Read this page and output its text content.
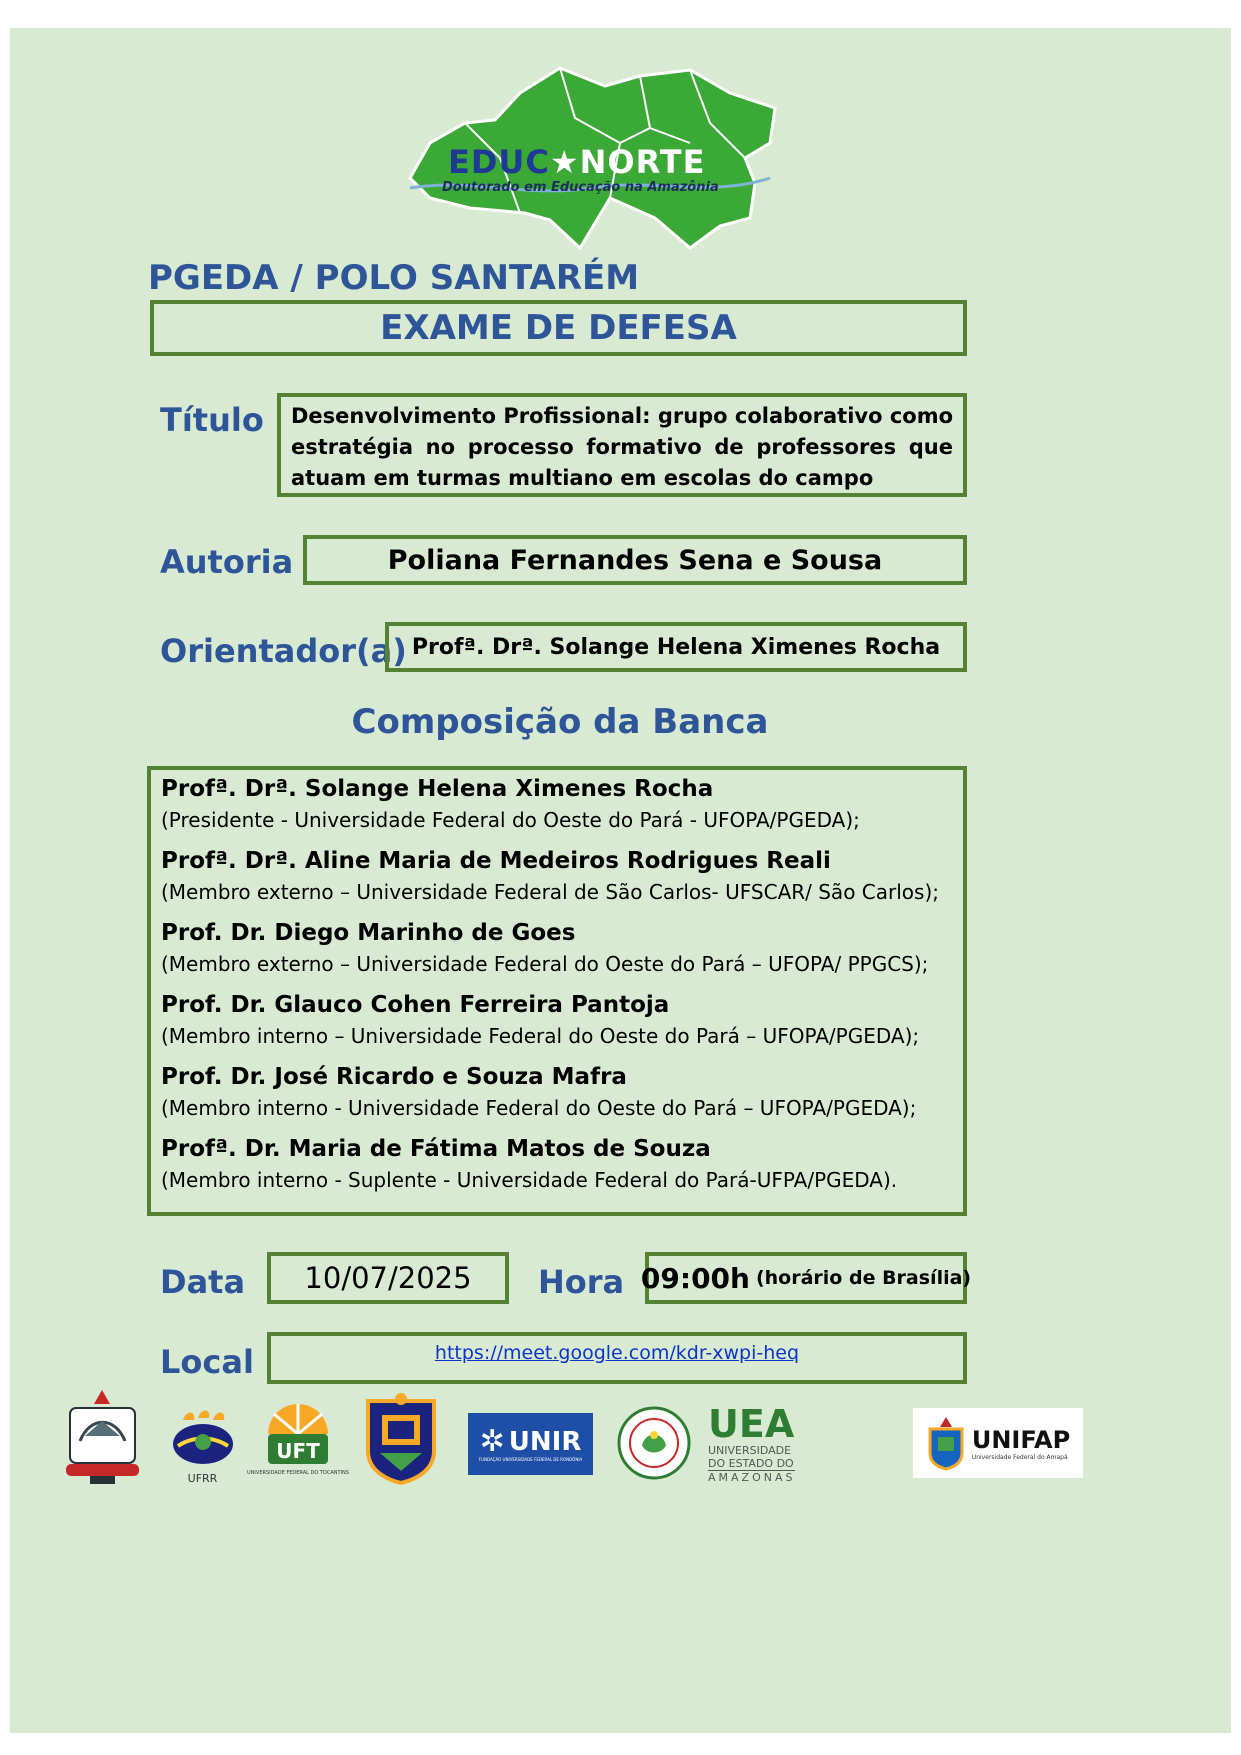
EDUC★NORTE
Doutorado em Educação na Amazônia
PGEDA / POLO SANTARÉM
EXAME DE DEFESA
Título Desenvolvimento Profissional: grupo colaborativo como estratégia no processo formativo de professores que atuam em turmas multiano em escolas do campo
Autoria	Poliana Fernandes Sena e Sousa
Orientador(a) Profª. Drª. Solange Helena Ximenes Rocha
Composição da Banca
Profª. Drª. Solange Helena Ximenes Rocha
(Presidente - Universidade Federal do Oeste do Pará - UFOPA/PGEDA);
Profª. Drª. Aline Maria de Medeiros Rodrigues Reali
(Membro externo – Universidade Federal de São Carlos- UFSCAR/ São Carlos);
Prof. Dr. Diego Marinho de Goes
(Membro externo – Universidade Federal do Oeste do Pará – UFOPA/ PPGCS);
Prof. Dr. Glauco Cohen Ferreira Pantoja
(Membro interno – Universidade Federal do Oeste do Pará – UFOPA/PGEDA);
Prof. Dr. José Ricardo e Souza Mafra
(Membro interno - Universidade Federal do Oeste do Pará – UFOPA/PGEDA);
Profª. Dr. Maria de Fátima Matos de Souza
(Membro interno - Suplente - Universidade Federal do Pará-UFPA/PGEDA).
Data 10/07/2025 Hora 09:00h (horário de Brasília)
Local	https://meet.google.com/kdr-xwpi-heq
UFRR
UFT
UNIVERSIDADE FEDERAL DO TOCANTINS
✲ UNIR
FUNDAÇÃO UNIVERSIDADE FEDERAL DE RONDÔNIA
UEA
UNIVERSIDADE
DO ESTADO DO
AMAZONAS
UNIFAP
Universidade Federal do Amapá
